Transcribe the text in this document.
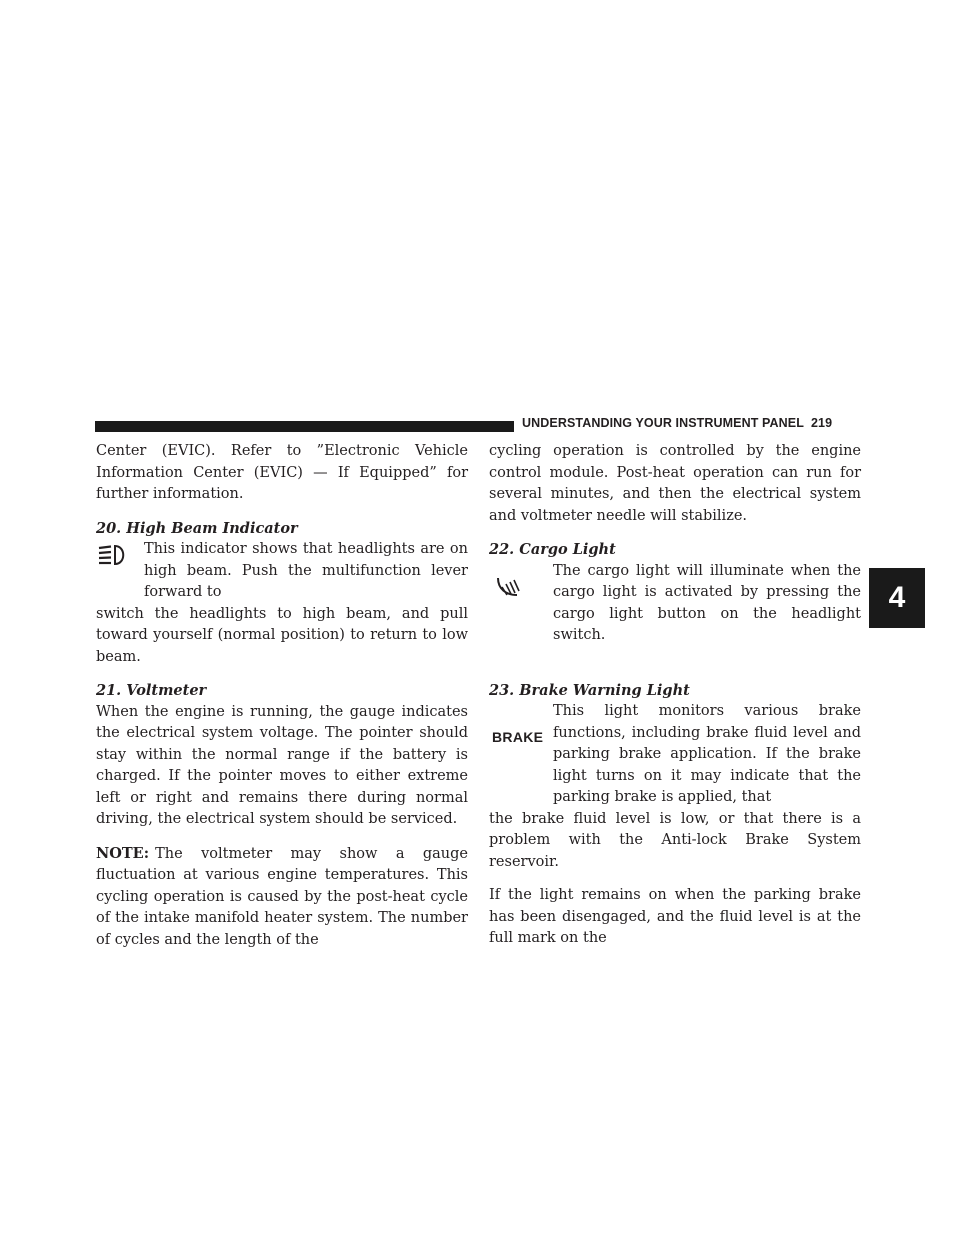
UNDERSTANDING YOUR INSTRUMENT PANEL 219
4

Center (EVIC). Refer to ”Electronic Vehicle Information Center (EVIC) — If Equipped” for further information.

20. High Beam Indicator

This indicator shows that headlights are on high beam. Push the multifunction lever forward to

switch the headlights to high beam, and pull toward yourself (normal position) to return to low beam.

21. Voltmeter

When the engine is running, the gauge indicates the electrical system voltage. The pointer should stay within the normal range if the battery is charged. If the pointer moves to either extreme left or right and remains there during normal driving, the electrical system should be serviced.

NOTE: The voltmeter may show a gauge fluctuation at various engine temperatures. This cycling operation is caused by the post-heat cycle of the intake manifold heater system. The number of cycles and the length of the

cycling operation is controlled by the engine control module. Post-heat operation can run for several minutes, and then the electrical system and voltmeter needle will stabilize.

22. Cargo Light

The cargo light will illuminate when the cargo light is activated by pressing the cargo light button on the headlight switch.

23. Brake Warning Light

BRAKE

This light monitors various brake functions, including brake fluid level and parking brake application. If the brake light turns on it may indicate that the parking brake is applied, that

the brake fluid level is low, or that there is a problem with the Anti-lock Brake System reservoir.

If the light remains on when the parking brake has been disengaged, and the fluid level is at the full mark on the
